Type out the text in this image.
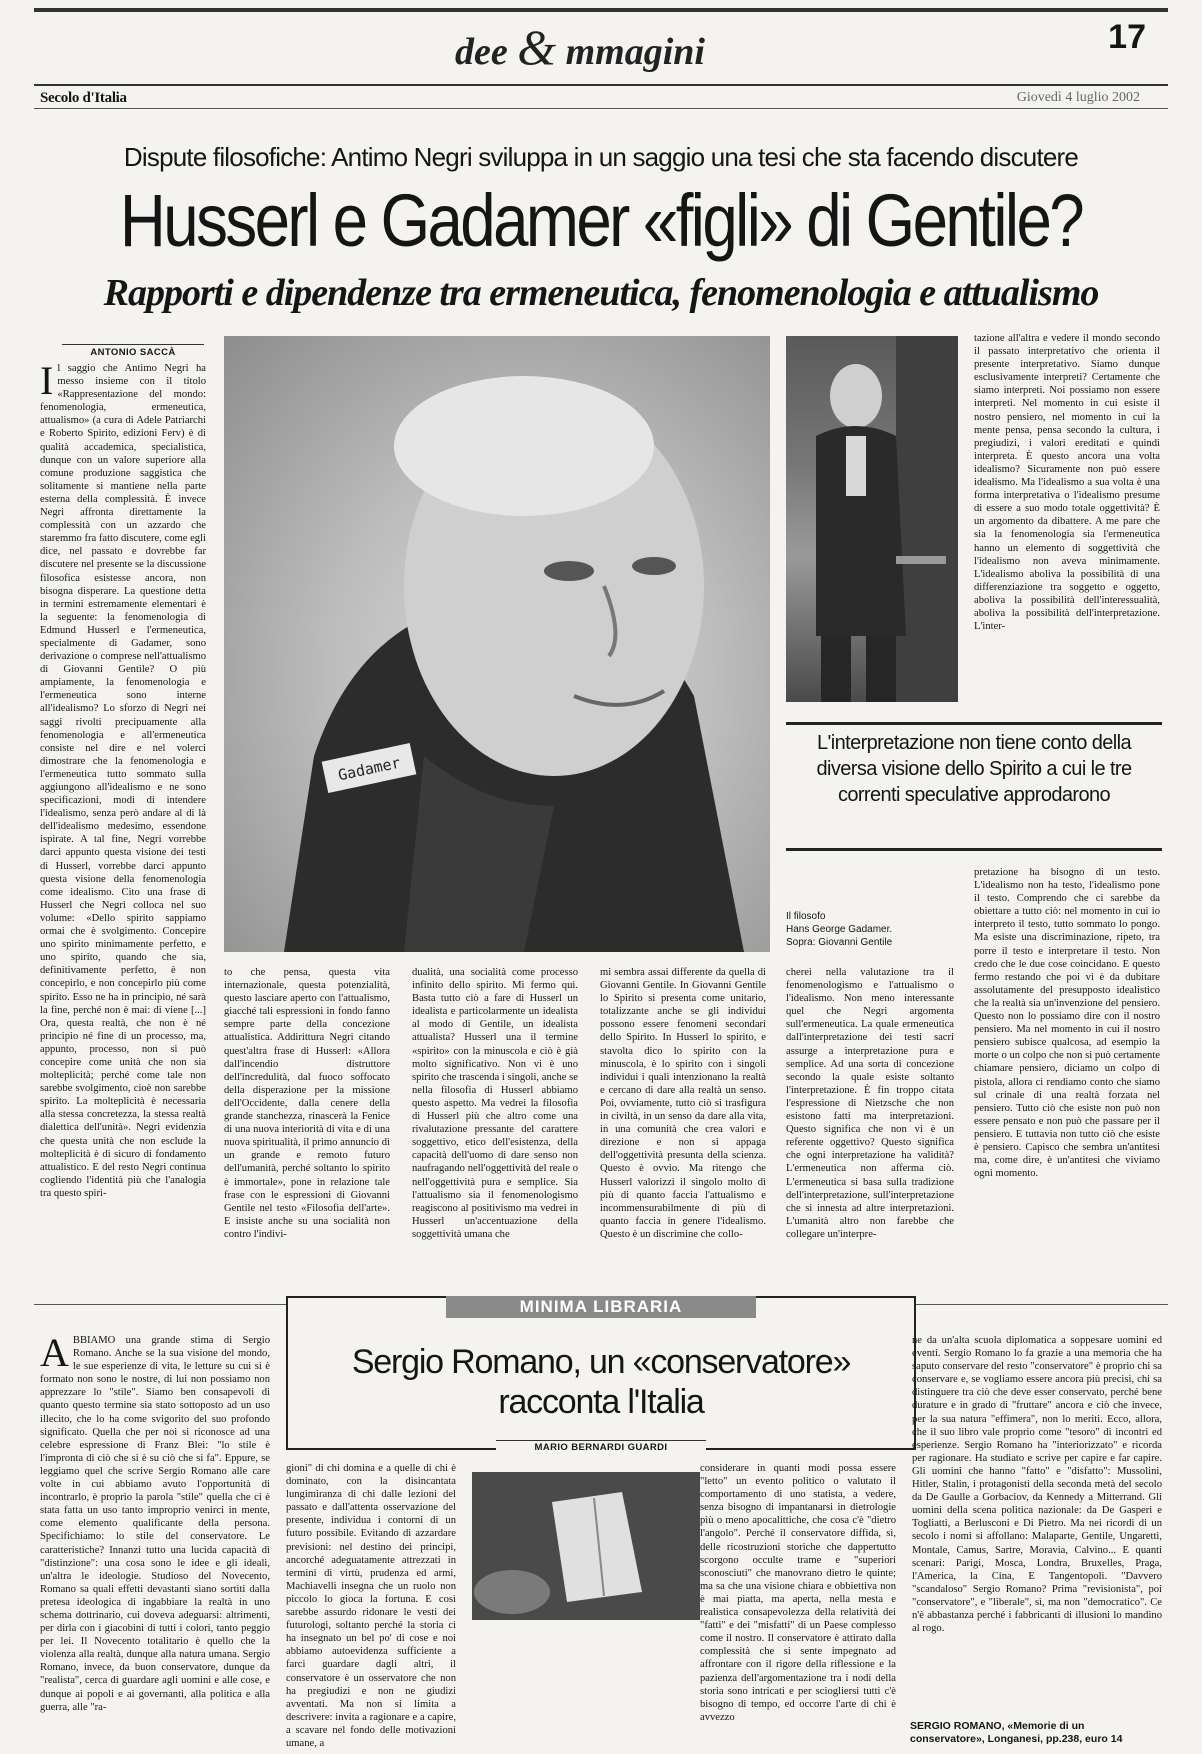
dee & mmagini	17
Secolo d'Italia	Giovedì 4 luglio 2002
Dispute filosofiche: Antimo Negri sviluppa in un saggio una tesi che sta facendo discutere
Husserl e Gadamer «figli» di Gentile?
Rapporti e dipendenze tra ermeneutica, fenomenologia e attualismo
ANTONIO SACCÀ
Il saggio che Antimo Negri ha messo insieme con il titolo «Rappresentazione del mondo: fenomenologia, ermeneutica, attualismo» (a cura di Adele Patriarchi e Roberto Spirito, edizioni Ferv) è di qualità accademica, specialistica, dunque con un valore superiore alla comune produzione saggistica che solitamente si mantiene nella parte esterna della complessità. È invece Negri affronta direttamente la complessità con un azzardo che staremmo fra fatto discutere, come egli dice, nel passato e dovrebbe far discutere nel presente se la discussione filosofica esistesse ancora, non bisogna disperare. La questione detta in termini estremamente elementari è la seguente: la fenomenologia di Edmund Husserl e l'ermeneutica, specialmente di Gadamer, sono derivazione o comprese nell'attualismo di Giovanni Gentile? O più ampiamente, la fenomenologia e l'ermeneutica sono interne all'idealismo? Lo sforzo di Negri nei saggi rivolti precipuamente alla fenomenologia e all'ermeneutica consiste nel dire e nel volerci dimostrare che la fenomenologia e l'ermeneutica tutto sommato sulla aggiungono all'idealismo e ne sono specificazioni, modi di intendere l'idealismo, senza però andare al di là dell'idealismo medesimo, essendone ispirate. A tal fine, Negri vorrebbe darci appunto questa visione dei testi di Husserl, vorrebbe darci appunto questa visione della fenomenologia come idealismo. Cito una frase di Husserl che Negri colloca nel suo volume: «Dello spirito sappiamo ormai che è svolgimento. Concepire uno spirito minimamente perfetto, e uno spirito, quando che sia, definitivamente perfetto, è non concepirlo, e non concepirlo più come spirito. Esso ne ha in principio, né sarà la fine, perché non è mai: di viene [...] Ora, questa realtà, che non è né principio né fine di un processo, ma, appunto, processo, non si può concepire come unità che non sia molteplicità; perché come tale non sarebbe svolgimento, cioè non sarebbe spirito. La molteplicità è necessaria alla stessa concretezza, la stessa realtà dialettica dell'unità». Negri evidenzia che questa unità che non esclude la molteplicità è di sicuro di fondamento attualistico. E del resto Negri continua cogliendo l'identità più che l'analogia tra questo spiri-
Gadamer
to che pensa, questa vita internazionale, questa potenzialità, questo lasciare aperto con l'attualismo, giacché tali espressioni in fondo fanno sempre parte della concezione attualistica. Addirittura Negri citando quest'altra frase di Husserl: «Allora dall'incendio distruttore dell'incredulità, dal fuoco soffocato della disperazione per la missione dell'Occidente, dalla cenere della grande stanchezza, rinascerà la Fenice di una nuova interiorità di vita e di una nuova spiritualità, il primo annuncio di un grande e remoto futuro dell'umanità, perché soltanto lo spirito è immortale», pone in relazione tale frase con le espressioni di Giovanni Gentile nel testo «Filosofia dell'arte». E insiste anche su una socialità non contro l'indivi-
dualità, una socialità come processo infinito dello spirito. Mi fermo qui. Basta tutto ciò a fare di Husserl un idealista e particolarmente un idealista al modo di Gentile, un idealista attualista? Husserl una il termine «spirito» con la minuscola e ciò è già molto significativo. Non vi è uno spirito che trascenda i singoli, anche se nella filosofia di Husserl abbiamo questo aspetto. Ma vedrei la filosofia di Husserl più che altro come una rivalutazione pressante del carattere soggettivo, etico dell'esistenza, della capacità dell'uomo di dare senso non naufragando nell'oggettività del reale o nell'oggettività pura e semplice. Sia l'attualismo sia il fenomenologismo reagiscono al positivismo ma vedrei in Husserl un'accentuazione della soggettività umana che
mi sembra assai differente da quella di Giovanni Gentile. In Giovanni Gentile lo Spirito si presenta come unitario, totalizzante anche se gli individui possono essere fenomeni secondari dello Spirito. In Husserl lo spirito, e stavolta dico lo spirito con la minuscola, è lo spirito con i singoli individui i quali intenzionano la realtà e cercano di dare alla realtà un senso. Poi, ovviamente, tutto ciò si trasfigura in civiltà, in un senso da dare alla vita, in una comunità che crea valori e direzione e non si appaga dell'oggettività presunta della scienza. Questo è ovvio. Ma ritengo che Husserl valorizzi il singolo molto di più di quanto faccia l'attualismo e incommensurabilmente di più di quanto faccia in genere l'idealismo. Questo è un discrimine che collo-
cherei nella valutazione tra il fenomenologismo e l'attualismo o l'idealismo. Non meno interessante quel che Negri argomenta sull'ermeneutica. La quale ermeneutica dall'interpretazione dei testi sacri assurge a interpretazione pura e semplice. Ad una sorta di concezione secondo la quale esiste soltanto l'interpretazione. È fin troppo citata l'espressione di Nietzsche che non esistono fatti ma interpretazioni. Questo significa che non vi è un referente oggettivo? Questo significa che ogni interpretazione ha validità? L'ermeneutica non afferma ciò. L'ermeneutica si basa sulla tradizione dell'interpretazione, sull'interpretazione che si innesta ad altre interpretazioni. L'umanità altro non farebbe che collegare un'interpre-
tazione all'altra e vedere il mondo secondo il passato interpretativo che orienta il presente interpretativo. Siamo dunque esclusivamente interpreti? Certamente che siamo interpreti. Noi possiamo non essere interpreti. Nel momento in cui esiste il nostro pensiero, nel momento in cui la mente pensa, pensa secondo la cultura, i pregiudizi, i valori ereditati e quindi interpreta. È questo ancora una volta idealismo? Sicuramente non può essere idealismo. Ma l'idealismo a sua volta è una forma interpretativa o l'idealismo presume di essere a suo modo totale oggettività? È un argomento da dibattere. A me pare che sia la fenomenologia sia l'ermeneutica hanno un elemento di soggettività che l'idealismo non aveva minimamente. L'idealismo aboliva la possibilità di una differenziazione tra soggetto e oggetto, aboliva la possibilità dell'interessualità, aboliva la possibilità dell'interpretazione. L'inter-
L'interpretazione non tiene conto della diversa visione dello Spirito a cui le tre correnti speculative approdarono
Il filosofo
Hans George Gadamer.
Sopra: Giovanni Gentile
pretazione ha bisogno di un testo. L'idealismo non ha testo, l'idealismo pone il testo. Comprendo che ci sarebbe da obiettare a tutto ciò: nel momento in cui io interpreto il testo, tutto sommato lo pongo. Ma esiste una discriminazione, ripeto, tra porre il testo e interpretare il testo. Non credo che le due cose coincidano. E questo fermo restando che poi vi è da dubitare assolutamente del presupposto idealistico che la realtà sia un'invenzione del pensiero. Questo non lo possiamo dire con il nostro pensiero. Ma nel momento in cui il nostro pensiero subisce qualcosa, ad esempio la morte o un colpo che non si può certamente chiamare pensiero, diciamo un colpo di pistola, allora ci rendiamo conto che siamo sul crinale di una realtà forzata nel pensiero. Tutto ciò che esiste non può non essere pensato e non può che passare per il pensiero. E tuttavia non tutto ciò che esiste è pensiero. Capisco che sembra un'antitesi ma, come dire, è un'antitesi che viviamo ogni momento.
MINIMA LIBRARIA
Sergio Romano, un «conservatore» racconta l'Italia
MARIO BERNARDI GUARDI
ABBIAMO una grande stima di Sergio Romano. Anche se la sua visione del mondo, le sue esperienze di vita, le letture su cui si è formato non sono le nostre, di lui non possiamo non apprezzare lo "stile". Siamo ben consapevoli di quanto questo termine sia stato sottoposto ad un uso illecito, che lo ha come svigorito del suo profondo significato. Quella che per noi si riconosce ad una celebre espressione di Franz Blei: "lo stile è l'impronta di ciò che si è su ciò che si fa". Eppure, se leggiamo quel che scrive Sergio Romano alle care volte in cui abbiamo avuto l'opportunità di incontrarlo, è proprio la parola "stile" quella che ci è stata fatta un uso tanto improprio venirci in mente, come elemento qualificante della persona. Specifichiamo: lo stile del conservatore. Le caratteristiche? Innanzi tutto una lucida capacità di "distinzione": una cosa sono le idee e gli ideali, un'altra le ideologie. Studioso del Novecento, Romano sa quali effetti devastanti siano sortiti dalla pretesa ideologica di ingabbiare la realtà in uno schema dottrinario, cui doveva adeguarsi: altrimenti, per dirla con i giacobini di tutti i colori, tanto peggio per lei. Il Novecento totalitario è quello che la violenza alla realtà, dunque alla natura umana. Sergio Romano, invece, da buon conservatore, dunque da "realista", cerca di guardare agli uomini e alle cose, e dunque ai popoli e ai governanti, alla politica e alla guerra, alle "ra-
gioni" di chi domina e a quelle di chi è dominato, con la disincantata lungimiranza di chi dalle lezioni del passato e dall'attenta osservazione del presente, individua i contorni di un futuro possibile. Evitando di azzardare previsioni: nel destino dei principi, ancorché adeguatamente attrezzati in termini di virtù, prudenza ed armi, Machiavelli insegna che un ruolo non piccolo lo gioca la fortuna. E così sarebbe assurdo ridonare le vesti dei futurologi, soltanto perché la storia ci ha insegnato un bel po' di cose e noi abbiamo autoevidenza sufficiente a farci guardare dagli altri, il conservatore è un osservatore che non ha pregiudizi e non ne giudizi avventati. Ma non si limita a descrivere: invita a ragionare e a capire, a scavare nel fondo delle motivazioni umane, a
considerare in quanti modi possa essere "letto" un evento politico o valutato il comportamento di uno statista, a vedere, senza bisogno di impantanarsi in dietrologie più o meno apocalittiche, che cosa c'è "dietro l'angolo". Perché il conservatore diffida, sì, delle ricostruzioni storiche che dappertutto scorgono occulte trame e "superiori sconosciuti" che manovrano dietro le quinte; ma sa che una visione chiara e obbiettiva non è mai piatta, ma aperta, nella mesta e realistica consapevolezza della relatività dei "fatti" e dei "misfatti" di un Paese complesso come il nostro. Il conservatore è attirato dalla complessità che si sente impegnato ad affrontare con il rigore della riflessione e la pazienza dell'argomentazione tra i nodi della storia sono intricati e per sciogliersi tutti c'è bisogno di tempo, ed occorre l'arte di chi è avvezzo
ne da un'alta scuola diplomatica a soppesare uomini ed eventi. Sergio Romano lo fa grazie a una memoria che ha saputo conservare del resto "conservatore" è proprio chi sa conservare e, se vogliamo essere ancora più precisi, chi sa distinguere tra ciò che deve esser conservato, perché bene durature e in grado di "fruttare" ancora e ciò che invece, per la sua natura "effimera", non lo meriti. Ecco, allora, che il suo libro vale proprio come "tesoro" di incontri ed esperienze. Sergio Romano ha "interiorizzato" e ricorda per ragionare. Ha studiato e scrive per capire e far capire. Gli uomini che hanno "fatto" e "disfatto": Mussolini, Hitler, Stalin, i protagonisti della seconda metà del secolo da De Gaulle a Gorbaciov, da Kennedy a Mitterrand. Gli uomini della scena politica nazionale: da De Gasperi e Togliatti, a Berlusconi e Di Pietro. Ma nei ricordi di un secolo i nomi si affollano: Malaparte, Gentile, Ungaretti, Montale, Camus, Sartre, Moravia, Calvino... E quanti scenari: Parigi, Mosca, Londra, Bruxelles, Praga, l'America, la Cina, E Tangentopoli. "Davvero "scandaloso" Sergio Romano? Prima "revisionista", poi "conservatore", e "liberale", sì, ma non "democratico". Ce n'è abbastanza perché i fabbricanti di illusioni lo mandino al rogo.
SERGIO ROMANO, «Memorie di un conservatore», Longanesi, pp.238, euro 14
